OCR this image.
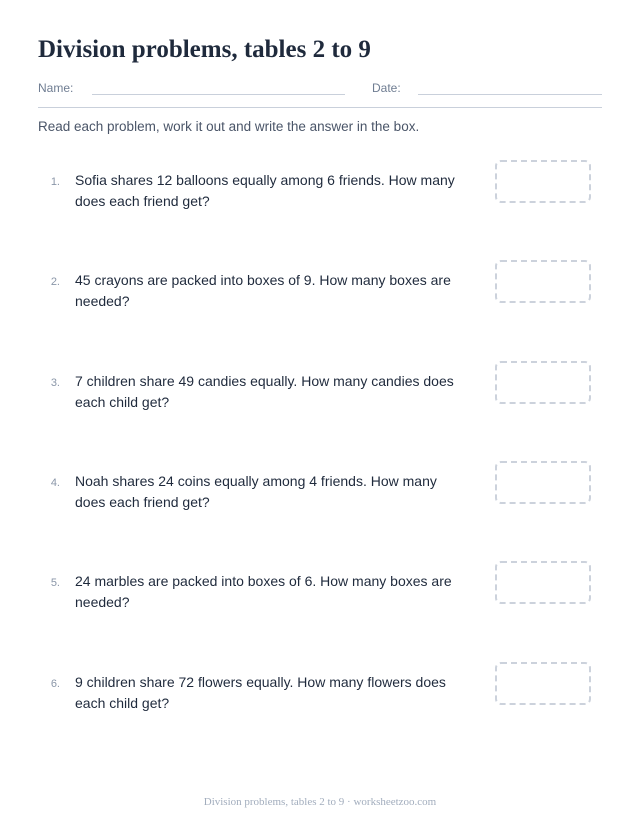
Division problems, tables 2 to 9
Name:	Date:

Read each problem, work it out and write the answer in the box.

1. Sofia shares 12 balloons equally among 6 friends. How many does each friend get?
2. 45 crayons are packed into boxes of 9. How many boxes are needed?
3. 7 children share 49 candies equally. How many candies does each child get?
4. Noah shares 24 coins equally among 4 friends. How many does each friend get?
5. 24 marbles are packed into boxes of 6. How many boxes are needed?
6. 9 children share 72 flowers equally. How many flowers does each child get?
Division problems, tables 2 to 9 · worksheetzoo.com
